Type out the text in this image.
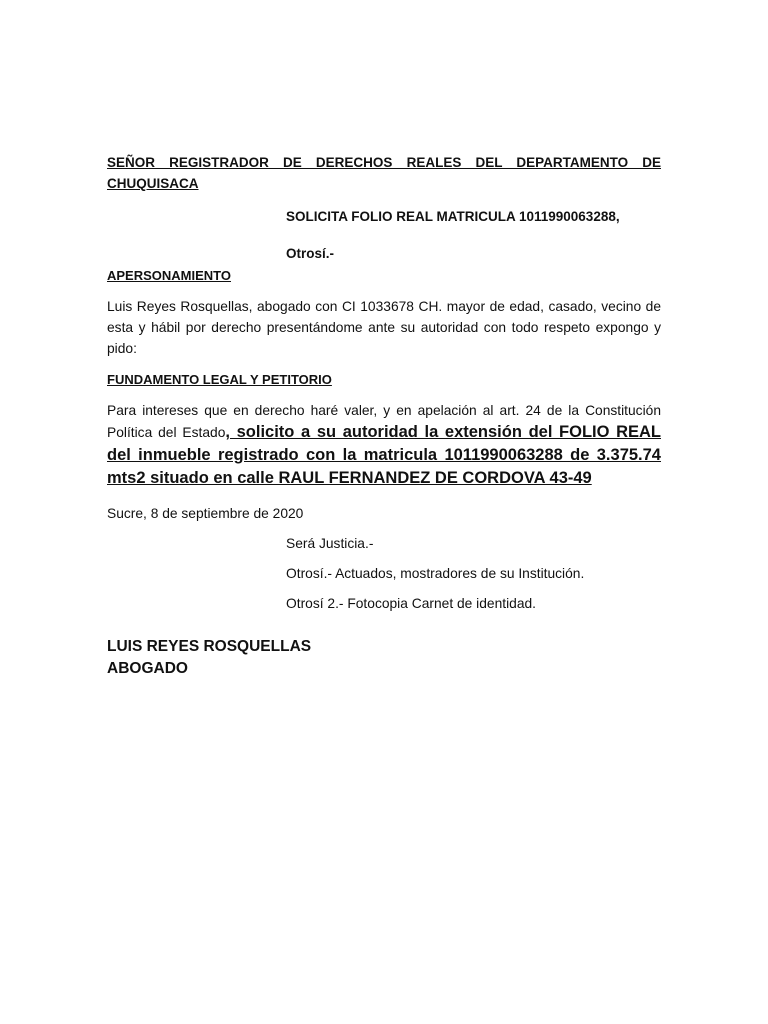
SEÑOR REGISTRADOR DE DERECHOS REALES DEL DEPARTAMENTO DE CHUQUISACA
SOLICITA FOLIO REAL MATRICULA 1011990063288,
Otrosí.-
APERSONAMIENTO

Luis Reyes Rosquellas, abogado con CI 1033678 CH. mayor de edad, casado, vecino de esta y hábil por derecho presentándome ante su autoridad con todo respeto expongo y pido:

FUNDAMENTO LEGAL Y PETITORIO
Para intereses que en derecho haré valer, y en apelación al art. 24 de la Constitución Política del Estado, solicito a su autoridad la extensión del FOLIO REAL del inmueble registrado con la matricula 1011990063288 de 3.375.74 mts2 situado en calle RAUL FERNANDEZ DE CORDOVA 43-49
Sucre, 8 de septiembre de 2020
Será Justicia.-
Otrosí.- Actuados, mostradores de su Institución.
Otrosí 2.- Fotocopia Carnet de identidad.
LUIS REYES ROSQUELLAS
ABOGADO
